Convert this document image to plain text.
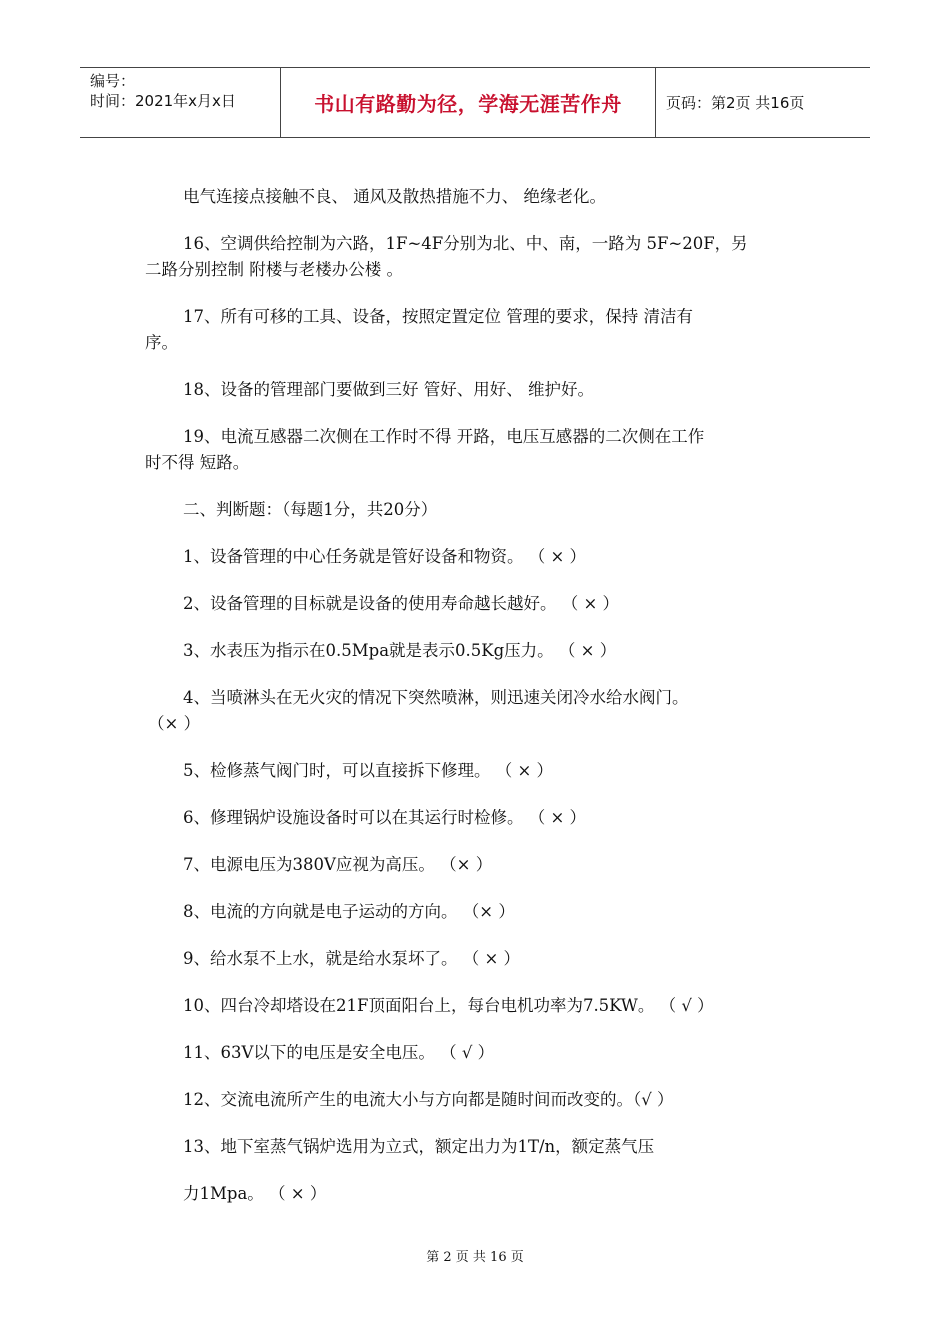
编号：
时间：2021年x月x日	书山有路勤为径，学海无涯苦作舟	页码：第2页 共16页

电气连接点接触不良、 通风及散热措施不力、 绝缘老化。

16、空调供给控制为六路，1F~4F分别为北、中、南，一路为 5F~20F，另

二路分别控制 附楼与老楼办公楼 。

17、所有可移的工具、设备，按照定置定位 管理的要求，保持 清洁有

序。

18、设备的管理部门要做到三好 管好、用好、 维护好。

19、电流互感器二次侧在工作时不得 开路，电压互感器的二次侧在工作

时不得 短路。

二、判断题：（每题1分，共20分）

1、设备管理的中心任务就是管好设备和物资。 （ × ）

2、设备管理的目标就是设备的使用寿命越长越好。 （ × ）

3、水表压为指示在0.5Mpa就是表示0.5Kg压力。 （ × ）

4、当喷淋头在无火灾的情况下突然喷淋，则迅速关闭冷水给水阀门。

（× ）

5、检修蒸气阀门时，可以直接拆下修理。 （ × ）

6、修理锅炉设施设备时可以在其运行时检修。 （ × ）

7、电源电压为380V应视为高压。 （× ）

8、电流的方向就是电子运动的方向。 （× ）

9、给水泵不上水，就是给水泵坏了。 （ × ）

10、四台冷却塔设在21F顶面阳台上，每台电机功率为7.5KW。 （ √ ）

11、63V以下的电压是安全电压。 （ √ ）

12、交流电流所产生的电流大小与方向都是随时间而改变的。（√ ）

13、地下室蒸气锅炉选用为立式，额定出力为1T/n，额定蒸气压

力1Mpa。 （ × ）

第 2 页 共 16 页
